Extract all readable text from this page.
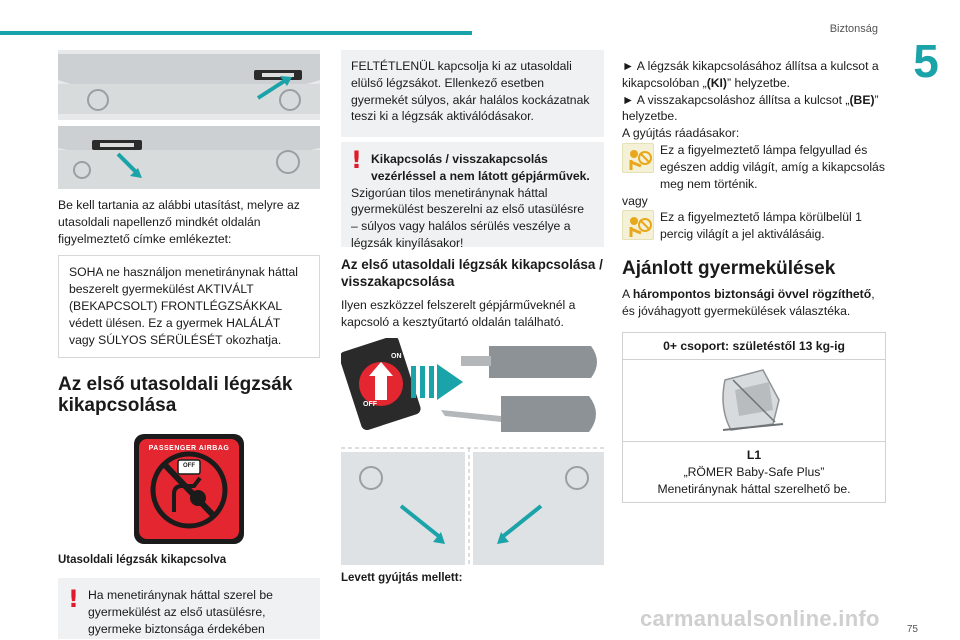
Biztonság
5
75

Be kell tartania az alábbi utasítást, melyre az utasoldali napellenző mindkét oldalán figyelmeztető címke emlékeztet:

SOHA ne használjon menetiránynak háttal beszerelt gyermekülést AKTIVÁLT (BEKAPCSOLT) FRONTLÉGZSÁKKAL védett ülésen. Ez a gyermek HALÁLÁT vagy SÚLYOS SÉRÜLÉSÉT okozhatja.

Az első utasoldali légzsák kikapcsolása
PASSENGER AIRBAG
OFF

Utasoldali légzsák kikapcsolva

! Ha menetiránynak háttal szerel be gyermekülést az első utasülésre, gyermeke biztonsága érdekében

FELTÉTLENÜL kapcsolja ki az utasoldali elülső légzsákot. Ellenkező esetben gyermekét súlyos, akár halálos kockázatnak teszi ki a légzsák aktiválódásakor.

! Kikapcsolás / visszakapcsolás vezérléssel a nem látott gépjárművek.

Szigorúan tilos menetiránynak háttal gyermekülést beszerelni az első utasülésre – súlyos vagy halálos sérülés veszélye a légzsák kinyílásakor!

Az első utasoldali légzsák kikapcsolása / visszakapcsolása

Ilyen eszközzel felszerelt gépjárműveknél a kapcsoló a kesztyűtartó oldalán található.

OFF
ON

Levett gyújtás mellett:

► A légzsák kikapcsolásához állítsa a kulcsot a kikapcsolóban „(KI)” helyzetbe.

► A visszakapcsoláshoz állítsa a kulcsot „(BE)” helyzetbe.

A gyújtás ráadásakor:

Ez a figyelmeztető lámpa felgyullad és egészen addig világít, amíg a kikapcsolás meg nem történik.

vagy

Ez a figyelmeztető lámpa körülbelül 1 percig világít a jel aktiválásáig.

Ajánlott gyermekülések

A hárompontos biztonsági övvel rögzíthető, és jóváhagyott gyermekülések választéka.

0+ csoport: születéstől 13 kg-ig

L1

„RÖMER Baby-Safe Plus”

Menetiránynak háttal szerelhető be.

carmanualsonline.info
